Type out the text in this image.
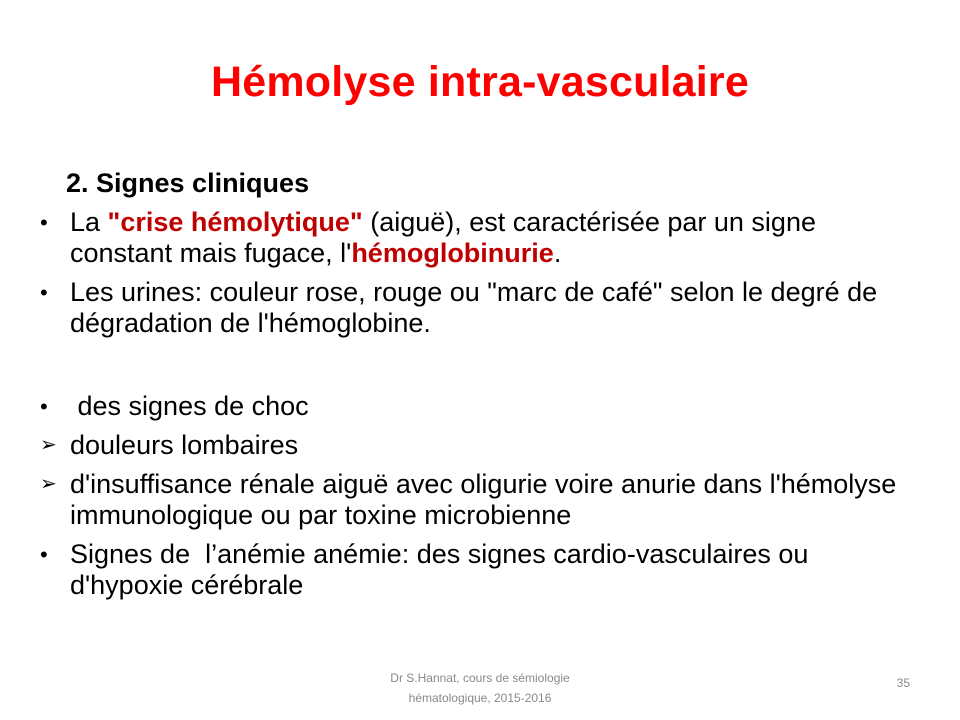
Hémolyse intra-vasculaire
2. Signes cliniques
•
La "crise hémolytique" (aiguë), est caractérisée par un signe constant mais fugace, l'hémoglobinurie.
•
Les urines: couleur rose, rouge ou "marc de café" selon le degré de dégradation de l'hémoglobine.
•
des signes de choc
➢ douleurs lombaires
➢ d'insuffisance rénale aiguë avec oligurie voire anurie dans l'hémolyse immunologique ou par toxine microbienne
•
Signes de  l’anémie anémie: des signes cardio-vasculaires ou d'hypoxie cérébrale
Dr S.Hannat, cours de sémiologie
hématologique, 2015-2016
35
